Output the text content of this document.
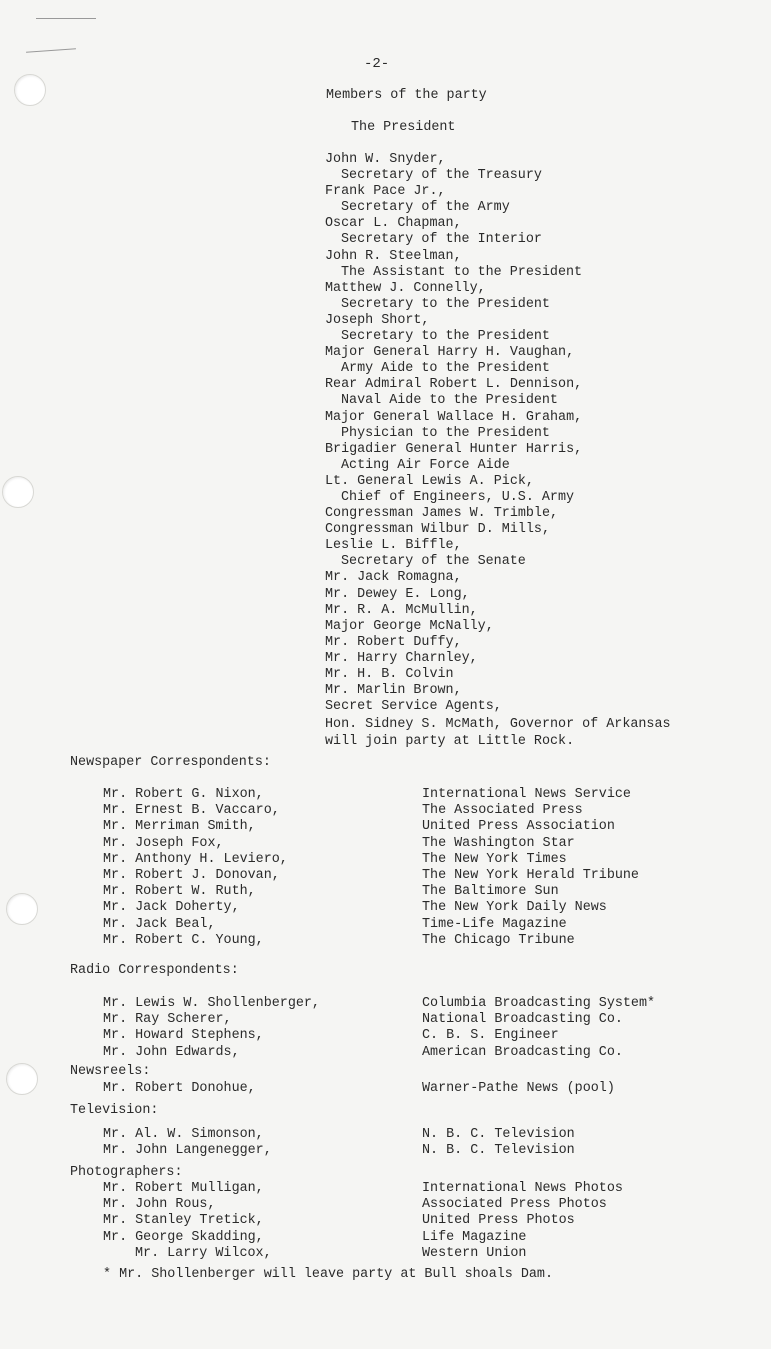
-2-
Members of the party
The President
John W. Snyder,
Secretary of the Treasury
Frank Pace Jr.,
Secretary of the Army
Oscar L. Chapman,
Secretary of the Interior
John R. Steelman,
The Assistant to the President
Matthew J. Connelly,
Secretary to the President
Joseph Short,
Secretary to the President
Major General Harry H. Vaughan,
Army Aide to the President
Rear Admiral Robert L. Dennison,
Naval Aide to the President
Major General Wallace H. Graham,
Physician to the President
Brigadier General Hunter Harris,
Acting Air Force Aide
Lt. General Lewis A. Pick,
Chief of Engineers, U.S. Army
Congressman James W. Trimble,
Congressman Wilbur D. Mills,
Leslie L. Biffle,
Secretary of the Senate
Mr. Jack Romagna,
Mr. Dewey E. Long,
Mr. R. A. McMullin,
Major George McNally,
Mr. Robert Duffy,
Mr. Harry Charnley,
Mr. H. B. Colvin
Mr. Marlin Brown,
Secret Service Agents,
Hon. Sidney S. McMath, Governor of Arkansas
will join party at Little Rock.
Newspaper Correspondents:
Mr. Robert G. Nixon,
Mr. Ernest B. Vaccaro,
Mr. Merriman Smith,
Mr. Joseph Fox,
Mr. Anthony H. Leviero,
Mr. Robert J. Donovan,
Mr. Robert W. Ruth,
Mr. Jack Doherty,
Mr. Jack Beal,
Mr. Robert C. Young,
International News Service
The Associated Press
United Press Association
The Washington Star
The New York Times
The New York Herald Tribune
The Baltimore Sun
The New York Daily News
Time-Life Magazine
The Chicago Tribune
Radio Correspondents:
Mr. Lewis W. Shollenberger,
Mr. Ray Scherer,
Mr. Howard Stephens,
Mr. John Edwards,
Columbia Broadcasting System*
National Broadcasting Co.
C. B. S. Engineer
American Broadcasting Co.
Newsreels:
Mr. Robert Donohue,	Warner-Pathe News (pool)
Television:
Mr. Al. W. Simonson,
Mr. John Langenegger,
N. B. C. Television
N. B. C. Television
Photographers:
Mr. Robert Mulligan,
Mr. John Rous,
Mr. Stanley Tretick,
Mr. George Skadding,
Mr. Larry Wilcox,
International News Photos
Associated Press Photos
United Press Photos
Life Magazine
Western Union
* Mr. Shollenberger will leave party at Bull shoals Dam.
